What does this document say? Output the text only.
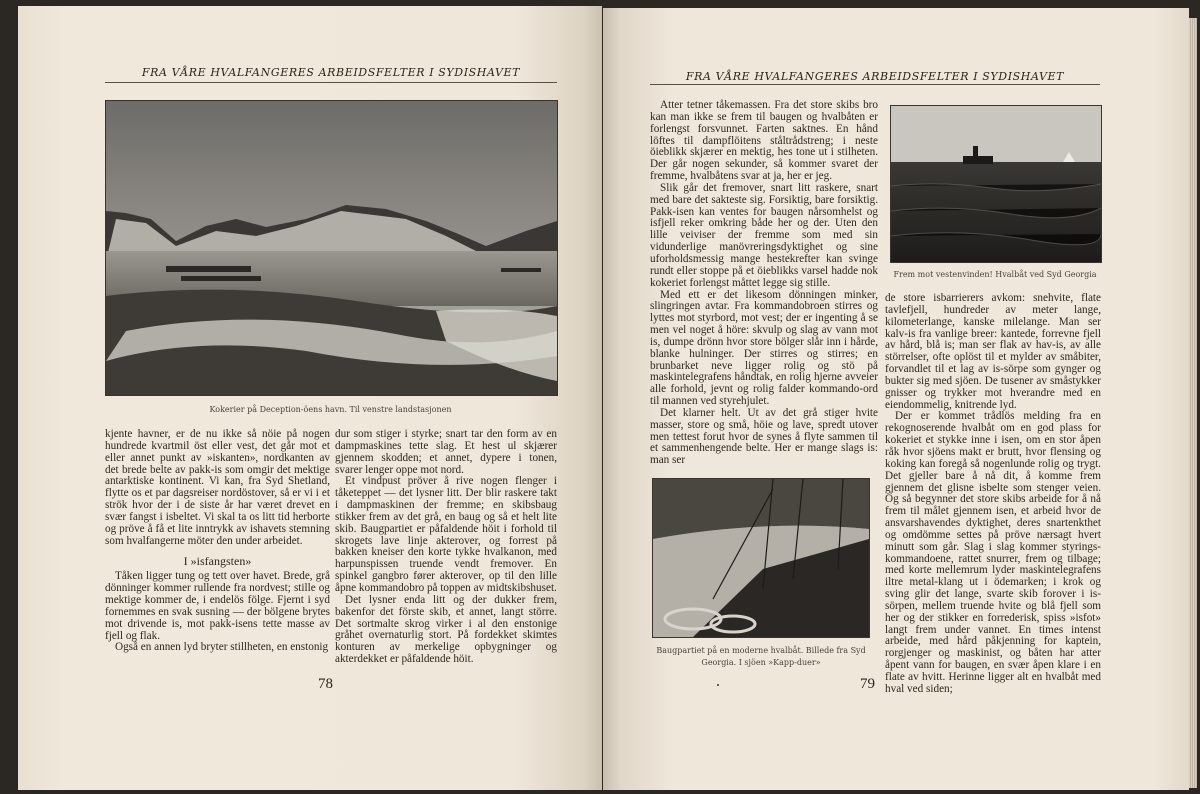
FRA VÅRE HVALFANGERES ARBEIDSFELTER I SYDISHAVET
Kokerier på Deception-öens havn. Til venstre landstasjonen

kjente havner, er de nu ikke så nöie på nogen hundrede kvartmil öst eller vest, det går mot et eller annet punkt av »iskanten», nordkanten av det brede belte av pakk-is som omgir det mektige antarktiske kontinent. Vi kan, fra Syd Shetland, flytte os et par dagsreiser nordöstover, så er vi i et strök hvor der i de siste år har været drevet en svær fangst i isbeltet. Vi skal ta os litt tid herborte og pröve å få et lite inntrykk av ishavets stemning som hvalfangerne möter den under arbeidet.

I »isfangsten»

Tåken ligger tung og tett over havet. Brede, grå dönninger kommer rullende fra nordvest; stille og mektige kommer de, i endelös fölge. Fjernt i syd fornemmes en svak susning — der bölgene brytes mot drivende is, mot pakk-isens tette masse av fjell og flak.

Også en annen lyd bryter stillheten, en enstonig

dur som stiger i styrke; snart tar den form av en dampmaskines tette slag. Et hest ul skjærer gjennem skodden; et annet, dypere i tonen, svarer lenger oppe mot nord.

Et vindpust pröver å rive nogen flenger i tåketeppet — det lysner litt. Der blir raskere takt i dampmaskinen der fremme; en skibsbaug stikker frem av det grå, en baug og så et helt lite skib. Baugpartiet er påfaldende höit i forhold til skrogets lave linje akterover, og forrest på bakken kneiser den korte tykke hvalkanon, med harpunspissen truende vendt fremover. En spinkel gangbro fører akterover, op til den lille åpne kommandobro på toppen av midtskibshuset.

Det lysner enda litt og der dukker frem, bakenfor det förste skib, et annet, langt större. Det sortmalte skrog virker i al den enstonige gråhet overnaturlig stort. På fordekket skimtes konturen av merkelige opbygninger og akterdekket er påfaldende höit.

78
FRA VÅRE HVALFANGERES ARBEIDSFELTER I SYDISHAVET

Atter tetner tåkemassen. Fra det store skibs bro kan man ikke se frem til baugen og hvalbåten er forlengst forsvunnet. Farten saktnes. En hånd löftes til dampflöitens ståltrådstreng; i neste öieblikk skjærer en mektig, hes tone ut i stilheten. Der går nogen sekunder, så kommer svaret der fremme, hvalbåtens svar at ja, her er jeg.

Slik går det fremover, snart litt raskere, snart med bare det sakteste sig. Forsiktig, bare forsiktig. Pakk-isen kan ventes for baugen nårsomhelst og isfjell reker omkring både her og der. Uten den lille veiviser der fremme som med sin vidunderlige manövreringsdyktighet og sine uforholdsmessig mange hestekrefter kan svinge rundt eller stoppe på et öieblikks varsel hadde nok kokeriet forlengst måttet legge sig stille.

Med ett er det likesom dönningen minker, slingringen avtar. Fra kommandobroen stirres og lyttes mot styrbord, mot vest; der er ingenting å se men vel noget å höre: skvulp og slag av vann mot is, dumpe drönn hvor store bölger slår inn i hårde, blanke hulninger. Der stirres og stirres; en brunbarket neve ligger rolig og stö på maskintelegrafens håndtak, en rolig hjerne avveier alle forhold, jevnt og rolig falder kommando-ord til mannen ved styrehjulet.

Det klarner helt. Ut av det grå stiger hvite masser, store og små, höie og lave, spredt utover men tettest forut hvor de synes å flyte sammen til et sammenhengende belte. Her er mange slags is: man ser

Frem mot vestenvinden! Hvalbåt ved Syd Georgia

de store isbarrierers avkom: snehvite, flate tavlefjell, hundreder av meter lange, kilometerlange, kanske milelange. Man ser kalv-is fra vanlige breer: kantede, forrevne fjell av hård, blå is; man ser flak av hav-is, av alle störrelser, ofte oplöst til et mylder av småbiter, forvandlet til et lag av is-sörpe som gynger og bukter sig med sjöen. De tusener av småstykker gnisser og trykker mot hverandre med en eiendommelig, knitrende lyd.

Der er kommet trådlös melding fra en rekognoserende hvalbåt om en god plass for kokeriet et stykke inne i isen, om en stor åpen råk hvor sjöens makt er brutt, hvor flensing og koking kan foregå så nogenlunde rolig og trygt. Det gjeller bare å nå dit, å komme frem gjennem det glisne isbelte som stenger veien. Og så begynner det store skibs arbeide for å nå frem til målet gjennem isen, et arbeid hvor de ansvarshavendes dyktighet, deres snartenkthet og omdömme settes på pröve nærsagt hvert minutt som går. Slag i slag kommer styrings-kommandoene, rattet snurrer, frem og tilbage; med korte mellemrum lyder maskintelegrafens iltre metal-klang ut i ödemarken; i krok og sving glir det lange, svarte skib forover i is-sörpen, mellem truende hvite og blå fjell som her og der stikker en forrederisk, spiss »isfot» langt frem under vannet. En times intenst arbeide, med hård påkjenning for kaptein, rorgjenger og maskinist, og båten har atter åpent vann for baugen, en svær åpen klare i en flate av hvitt. Herinne ligger alt en hvalbåt med hval ved siden;

Baugpartiet på en moderne hvalbåt. Billede fra Syd Georgia. I sjöen »Kapp-duer»
79
